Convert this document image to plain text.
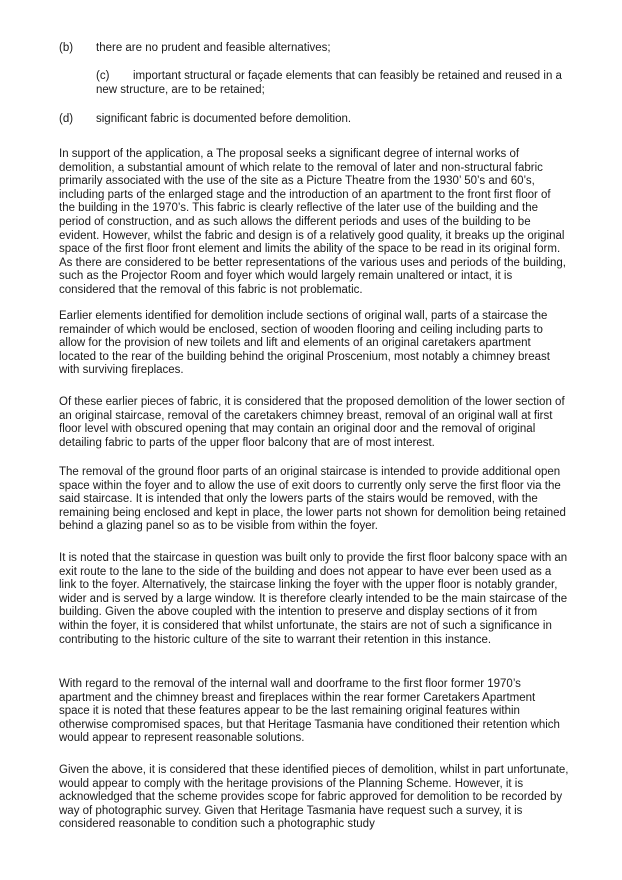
(b) there are no prudent and feasible alternatives;
(c) important structural or façade elements that can feasibly be retained and reused in a new structure, are to be retained;
(d) significant fabric is documented before demolition.

In support of the application, a The proposal seeks a significant degree of internal works of demolition, a substantial amount of which relate to the removal of later and non-structural fabric primarily associated with the use of the site as a Picture Theatre from the 1930’ 50’s and 60’s, including parts of the enlarged stage and the introduction of an apartment to the front first floor of the building in the 1970’s. This fabric is clearly reflective of the later use of the building and the period of construction, and as such allows the different periods and uses of the building to be evident. However, whilst the fabric and design is of a relatively good quality, it breaks up the original space of the first floor front element and limits the ability of the space to be read in its original form. As there are considered to be better representations of the various uses and periods of the building, such as the Projector Room and foyer which would largely remain unaltered or intact, it is considered that the removal of this fabric is not problematic.

Earlier elements identified for demolition include sections of original wall, parts of a staircase the remainder of which would be enclosed, section of wooden flooring and ceiling including parts to allow for the provision of new toilets and lift and elements of an original caretakers apartment located to the rear of the building behind the original Proscenium, most notably a chimney breast with surviving fireplaces.

Of these earlier pieces of fabric, it is considered that the proposed demolition of the lower section of an original staircase, removal of the caretakers chimney breast, removal of an original wall at first floor level with obscured opening that may contain an original door and the removal of original detailing fabric to parts of the upper floor balcony that are of most interest.

The removal of the ground floor parts of an original staircase is intended to provide additional open space within the foyer and to allow the use of exit doors to currently only serve the first floor via the said staircase. It is intended that only the lowers parts of the stairs would be removed, with the remaining being enclosed and kept in place, the lower parts not shown for demolition being retained behind a glazing panel so as to be visible from within the foyer.

It is noted that the staircase in question was built only to provide the first floor balcony space with an exit route to the lane to the side of the building and does not appear to have ever been used as a link to the foyer. Alternatively, the staircase linking the foyer with the upper floor is notably grander, wider and is served by a large window. It is therefore clearly intended to be the main staircase of the building. Given the above coupled with the intention to preserve and display sections of it from within the foyer, it is considered that whilst unfortunate, the stairs are not of such a significance in contributing to the historic culture of the site to warrant their retention in this instance.

With regard to the removal of the internal wall and doorframe to the first floor former 1970’s apartment and the chimney breast and fireplaces within the rear former Caretakers Apartment space it is noted that these features appear to be the last remaining original features within otherwise compromised spaces, but that Heritage Tasmania have conditioned their retention which would appear to represent reasonable solutions.

Given the above, it is considered that these identified pieces of demolition, whilst in part unfortunate, would appear to comply with the heritage provisions of the Planning Scheme. However, it is acknowledged that the scheme provides scope for fabric approved for demolition to be recorded by way of photographic survey. Given that Heritage Tasmania have request such a survey, it is considered reasonable to condition such a photographic study
